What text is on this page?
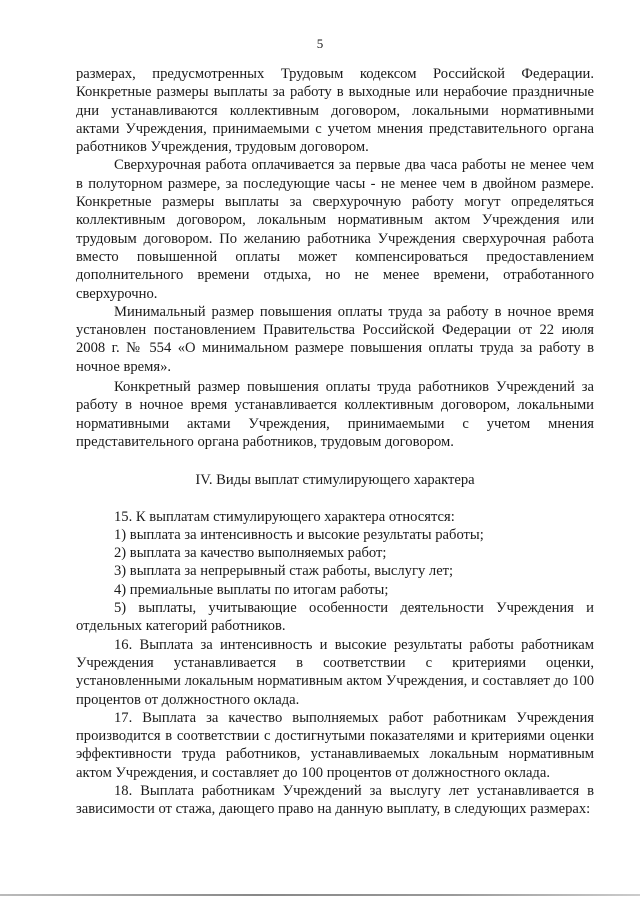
5

размерах, предусмотренных Трудовым кодексом Российской Федерации. Конкретные размеры выплаты за работу в выходные или нерабочие праздничные дни устанавливаются коллективным договором, локальными нормативными актами Учреждения, принимаемыми с учетом мнения представительного органа работников Учреждения, трудовым договором.

Сверхурочная работа оплачивается за первые два часа работы не менее чем в полуторном размере, за последующие часы - не менее чем в двойном размере. Конкретные размеры выплаты за сверхурочную работу могут определяться коллективным договором, локальным нормативным актом Учреждения или трудовым договором. По желанию работника Учреждения сверхурочная работа вместо повышенной оплаты может компенсироваться предоставлением дополнительного времени отдыха, но не менее времени, отработанного сверхурочно.

Минимальный размер повышения оплаты труда за работу в ночное время установлен постановлением Правительства Российской Федерации от 22 июля 2008 г. № 554 «О минимальном размере повышения оплаты труда за работу в ночное время».

Конкретный размер повышения оплаты труда работников Учреждений за работу в ночное время устанавливается коллективным договором, локальными нормативными актами Учреждения, принимаемыми с учетом мнения представительного органа работников, трудовым договором.

IV. Виды выплат стимулирующего характера

15. К выплатам стимулирующего характера относятся:

1) выплата за интенсивность и высокие результаты работы;

2) выплата за качество выполняемых работ;

3) выплата за непрерывный стаж работы, выслугу лет;

4) премиальные выплаты по итогам работы;

5) выплаты, учитывающие особенности деятельности Учреждения и отдельных категорий работников.

16. Выплата за интенсивность и высокие результаты работы работникам Учреждения устанавливается в соответствии с критериями оценки, установленными локальным нормативным актом Учреждения, и составляет до 100 процентов от должностного оклада.

17. Выплата за качество выполняемых работ работникам Учреждения производится в соответствии с достигнутыми показателями и критериями оценки эффективности труда работников, устанавливаемых локальным нормативным актом Учреждения, и составляет до 100 процентов от должностного оклада.

18. Выплата работникам Учреждений за выслугу лет устанавливается в зависимости от стажа, дающего право на данную выплату, в следующих размерах:
